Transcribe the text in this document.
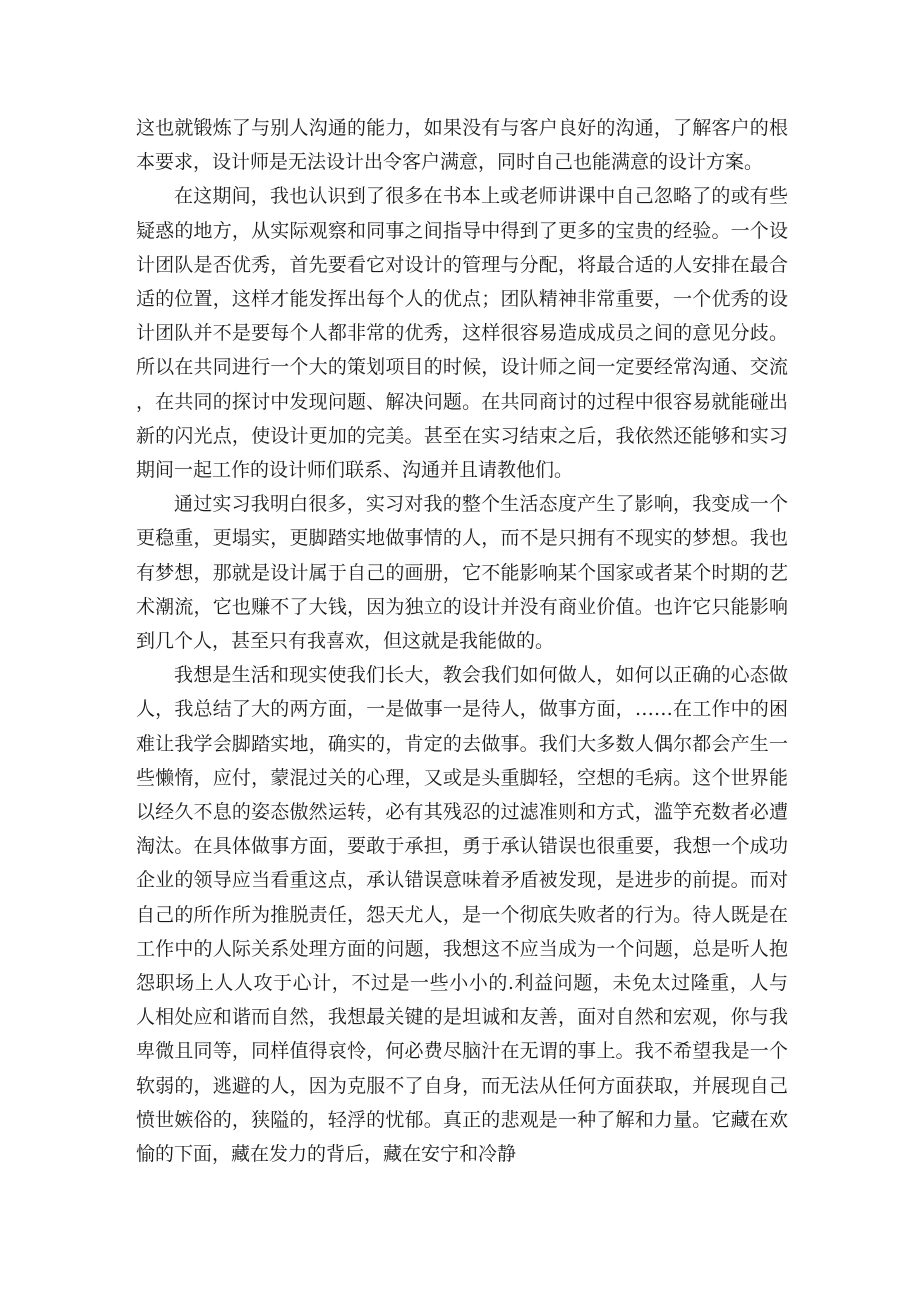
这也就锻炼了与别人沟通的能力，如果没有与客户良好的沟通，了解客户的根本要求，设计师是无法设计出令客户满意，同时自己也能满意的设计方案。

在这期间，我也认识到了很多在书本上或老师讲课中自己忽略了的或有些疑惑的地方，从实际观察和同事之间指导中得到了更多的宝贵的经验。一个设计团队是否优秀，首先要看它对设计的管理与分配，将最合适的人安排在最合适的位置，这样才能发挥出每个人的优点；团队精神非常重要，一个优秀的设计团队并不是要每个人都非常的优秀，这样很容易造成成员之间的意见分歧。所以在共同进行一个大的策划项目的时候，设计师之间一定要经常沟通、交流，在共同的探讨中发现问题、解决问题。在共同商讨的过程中很容易就能碰出新的闪光点，使设计更加的完美。甚至在实习结束之后，我依然还能够和实习期间一起工作的设计师们联系、沟通并且请教他们。

通过实习我明白很多，实习对我的整个生活态度产生了影响，我变成一个更稳重，更塌实，更脚踏实地做事情的人，而不是只拥有不现实的梦想。我也有梦想，那就是设计属于自己的画册，它不能影响某个国家或者某个时期的艺术潮流，它也赚不了大钱，因为独立的设计并没有商业价值。也许它只能影响到几个人，甚至只有我喜欢，但这就是我能做的。

我想是生活和现实使我们长大，教会我们如何做人，如何以正确的心态做人，我总结了大的两方面，一是做事一是待人，做事方面，……在工作中的困难让我学会脚踏实地，确实的，肯定的去做事。我们大多数人偶尔都会产生一些懒惰，应付，蒙混过关的心理，又或是头重脚轻，空想的毛病。这个世界能以经久不息的姿态傲然运转，必有其残忍的过滤准则和方式，滥竽充数者必遭淘汰。在具体做事方面，要敢于承担，勇于承认错误也很重要，我想一个成功企业的领导应当看重这点，承认错误意味着矛盾被发现，是进步的前提。而对自己的所作所为推脱责任，怨天尤人，是一个彻底失败者的行为。待人既是在工作中的人际关系处理方面的问题，我想这不应当成为一个问题，总是听人抱怨职场上人人攻于心计，不过是一些小小的.利益问题，未免太过隆重，人与人相处应和谐而自然，我想最关键的是坦诚和友善，面对自然和宏观，你与我卑微且同等，同样值得哀怜，何必费尽脑汁在无谓的事上。我不希望我是一个软弱的，逃避的人，因为克服不了自身，而无法从任何方面获取，并展现自己愤世嫉俗的，狭隘的，轻浮的忧郁。真正的悲观是一种了解和力量。它藏在欢愉的下面，藏在发力的背后，藏在安宁和冷静
